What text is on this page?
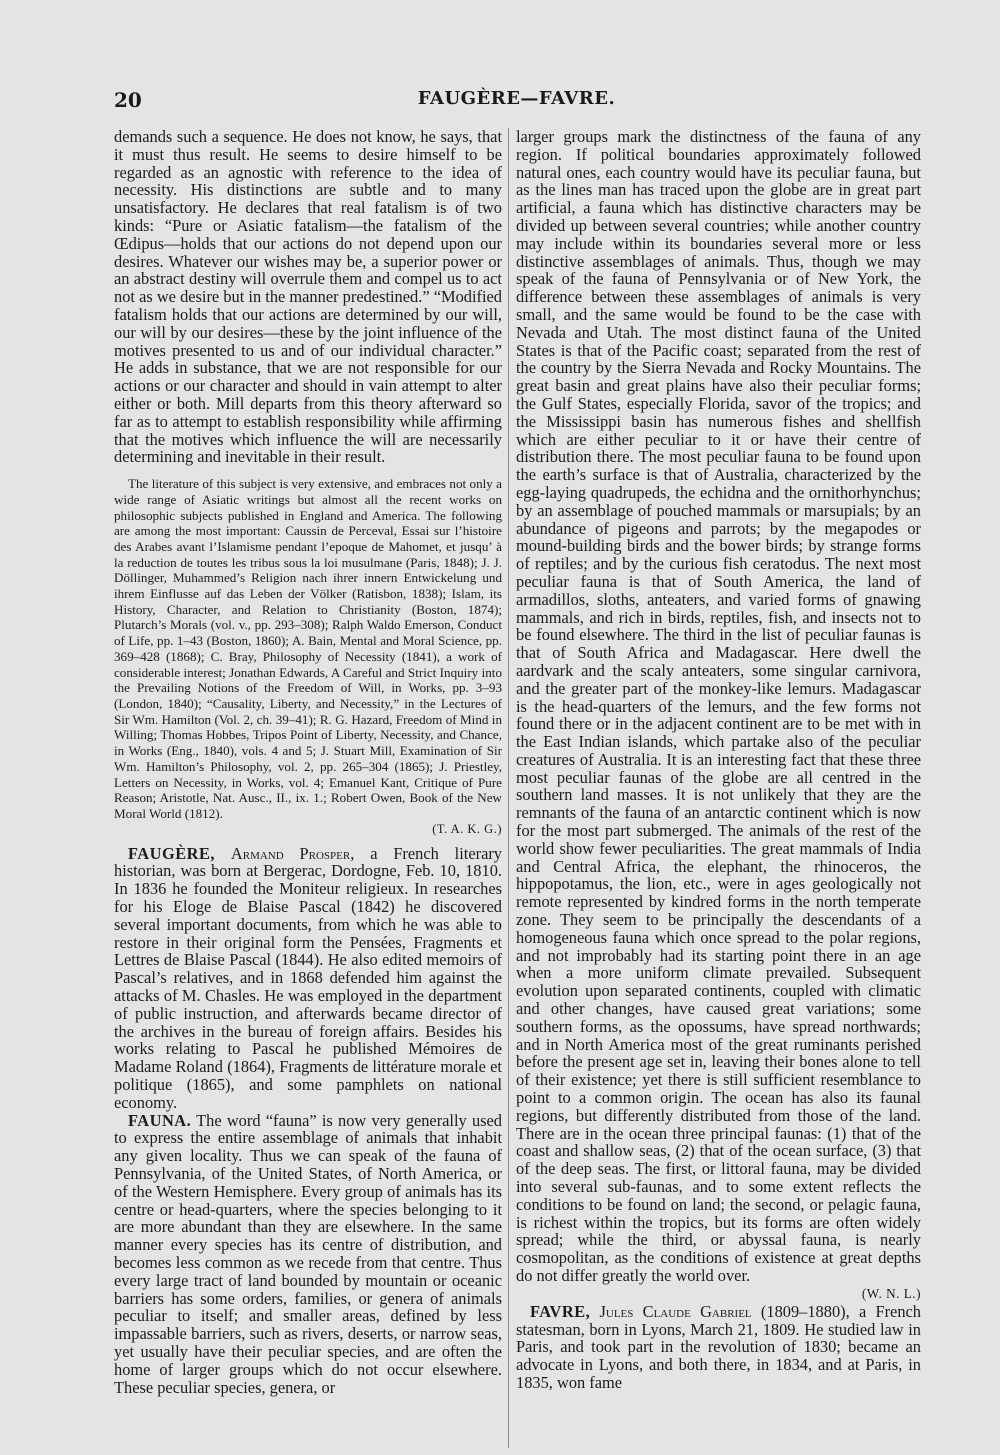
20	FAUGÈRE—FAVRE.

demands such a sequence. He does not know, he says, that it must thus result. He seems to desire himself to be regarded as an agnostic with reference to the idea of necessity. His distinctions are subtle and to many unsatisfactory. He declares that real fatalism is of two kinds: “Pure or Asiatic fatalism—the fatalism of the Œdipus—holds that our actions do not depend upon our desires. Whatever our wishes may be, a superior power or an abstract destiny will overrule them and compel us to act not as we desire but in the manner predestined.” “Modified fatalism holds that our actions are determined by our will, our will by our desires—these by the joint influence of the motives presented to us and of our individual character.” He adds in substance, that we are not responsible for our actions or our character and should in vain attempt to alter either or both. Mill departs from this theory afterward so far as to attempt to establish responsibility while affirming that the motives which influence the will are necessarily determining and inevitable in their result.

The literature of this subject is very extensive, and embraces not only a wide range of Asiatic writings but almost all the recent works on philosophic subjects published in England and America. The following are among the most important: Caussin de Perceval, Essai sur l’histoire des Arabes avant l’Islamisme pendant l’epoque de Mahomet, et jusqu’ à la reduction de toutes les tribus sous la loi musulmane (Paris, 1848); J. J. Döllinger, Muhammed’s Religion nach ihrer innern Entwickelung und ihrem Einflusse auf das Leben der Völker (Ratisbon, 1838); Islam, its History, Character, and Relation to Christianity (Boston, 1874); Plutarch’s Morals (vol. v., pp. 293–308); Ralph Waldo Emerson, Conduct of Life, pp. 1–43 (Boston, 1860); A. Bain, Mental and Moral Science, pp. 369–428 (1868); C. Bray, Philosophy of Necessity (1841), a work of considerable interest; Jonathan Edwards, A Careful and Strict Inquiry into the Prevailing Notions of the Freedom of Will, in Works, pp. 3–93 (London, 1840); “Causality, Liberty, and Necessity,” in the Lectures of Sir Wm. Hamilton (Vol. 2, ch. 39–41); R. G. Hazard, Freedom of Mind in Willing; Thomas Hobbes, Tripos Point of Liberty, Necessity, and Chance, in Works (Eng., 1840), vols. 4 and 5; J. Stuart Mill, Examination of Sir Wm. Hamilton’s Philosophy, vol. 2, pp. 265–304 (1865); J. Priestley, Letters on Necessity, in Works, vol. 4; Emanuel Kant, Critique of Pure Reason; Aristotle, Nat. Ausc., II., ix. 1.; Robert Owen, Book of the New Moral World (1812).

(T. A. K. G.)

FAUGÈRE, Armand Prosper, a French literary historian, was born at Bergerac, Dordogne, Feb. 10, 1810. In 1836 he founded the Moniteur religieux. In researches for his Eloge de Blaise Pascal (1842) he discovered several important documents, from which he was able to restore in their original form the Pensées, Fragments et Lettres de Blaise Pascal (1844). He also edited memoirs of Pascal’s relatives, and in 1868 defended him against the attacks of M. Chasles. He was employed in the department of public instruction, and afterwards became director of the archives in the bureau of foreign affairs. Besides his works relating to Pascal he published Mémoires de Madame Roland (1864), Fragments de littérature morale et politique (1865), and some pamphlets on national economy.

FAUNA. The word “fauna” is now very generally used to express the entire assemblage of animals that inhabit any given locality. Thus we can speak of the fauna of Pennsylvania, of the United States, of North America, or of the Western Hemisphere. Every group of animals has its centre or head-quarters, where the species belonging to it are more abundant than they are elsewhere. In the same manner every species has its centre of distribution, and becomes less common as we recede from that centre. Thus every large tract of land bounded by mountain or oceanic barriers has some orders, families, or genera of animals peculiar to itself; and smaller areas, defined by less impassable barriers, such as rivers, deserts, or narrow seas, yet usually have their peculiar species, and are often the home of larger groups which do not occur elsewhere. These peculiar species, genera, or

larger groups mark the distinctness of the fauna of any region. If political boundaries approximately followed natural ones, each country would have its peculiar fauna, but as the lines man has traced upon the globe are in great part artificial, a fauna which has distinctive characters may be divided up between several countries; while another country may include within its boundaries several more or less distinctive assemblages of animals. Thus, though we may speak of the fauna of Pennsylvania or of New York, the difference between these assemblages of animals is very small, and the same would be found to be the case with Nevada and Utah. The most distinct fauna of the United States is that of the Pacific coast; separated from the rest of the country by the Sierra Nevada and Rocky Mountains. The great basin and great plains have also their peculiar forms; the Gulf States, especially Florida, savor of the tropics; and the Mississippi basin has numerous fishes and shellfish which are either peculiar to it or have their centre of distribution there. The most peculiar fauna to be found upon the earth’s surface is that of Australia, characterized by the egg-laying quadrupeds, the echidna and the ornithorhynchus; by an assemblage of pouched mammals or marsupials; by an abundance of pigeons and parrots; by the megapodes or mound-building birds and the bower birds; by strange forms of reptiles; and by the curious fish ceratodus. The next most peculiar fauna is that of South America, the land of armadillos, sloths, anteaters, and varied forms of gnawing mammals, and rich in birds, reptiles, fish, and insects not to be found elsewhere. The third in the list of peculiar faunas is that of South Africa and Madagascar. Here dwell the aardvark and the scaly anteaters, some singular carnivora, and the greater part of the monkey-like lemurs. Madagascar is the head-quarters of the lemurs, and the few forms not found there or in the adjacent continent are to be met with in the East Indian islands, which partake also of the peculiar creatures of Australia. It is an interesting fact that these three most peculiar faunas of the globe are all centred in the southern land masses. It is not unlikely that they are the remnants of the fauna of an antarctic continent which is now for the most part submerged. The animals of the rest of the world show fewer peculiarities. The great mammals of India and Central Africa, the elephant, the rhinoceros, the hippopotamus, the lion, etc., were in ages geologically not remote represented by kindred forms in the north temperate zone. They seem to be principally the descendants of a homogeneous fauna which once spread to the polar regions, and not improbably had its starting point there in an age when a more uniform climate prevailed. Subsequent evolution upon separated continents, coupled with climatic and other changes, have caused great variations; some southern forms, as the opossums, have spread northwards; and in North America most of the great ruminants perished before the present age set in, leaving their bones alone to tell of their existence; yet there is still sufficient resemblance to point to a common origin. The ocean has also its faunal regions, but differently distributed from those of the land. There are in the ocean three principal faunas: (1) that of the coast and shallow seas, (2) that of the ocean surface, (3) that of the deep seas. The first, or littoral fauna, may be divided into several sub-faunas, and to some extent reflects the conditions to be found on land; the second, or pelagic fauna, is richest within the tropics, but its forms are often widely spread; while the third, or abyssal fauna, is nearly cosmopolitan, as the conditions of existence at great depths do not differ greatly the world over.

(W. N. L.)

FAVRE, Jules Claude Gabriel (1809–1880), a French statesman, born in Lyons, March 21, 1809. He studied law in Paris, and took part in the revolution of 1830; became an advocate in Lyons, and both there, in 1834, and at Paris, in 1835, won fame
